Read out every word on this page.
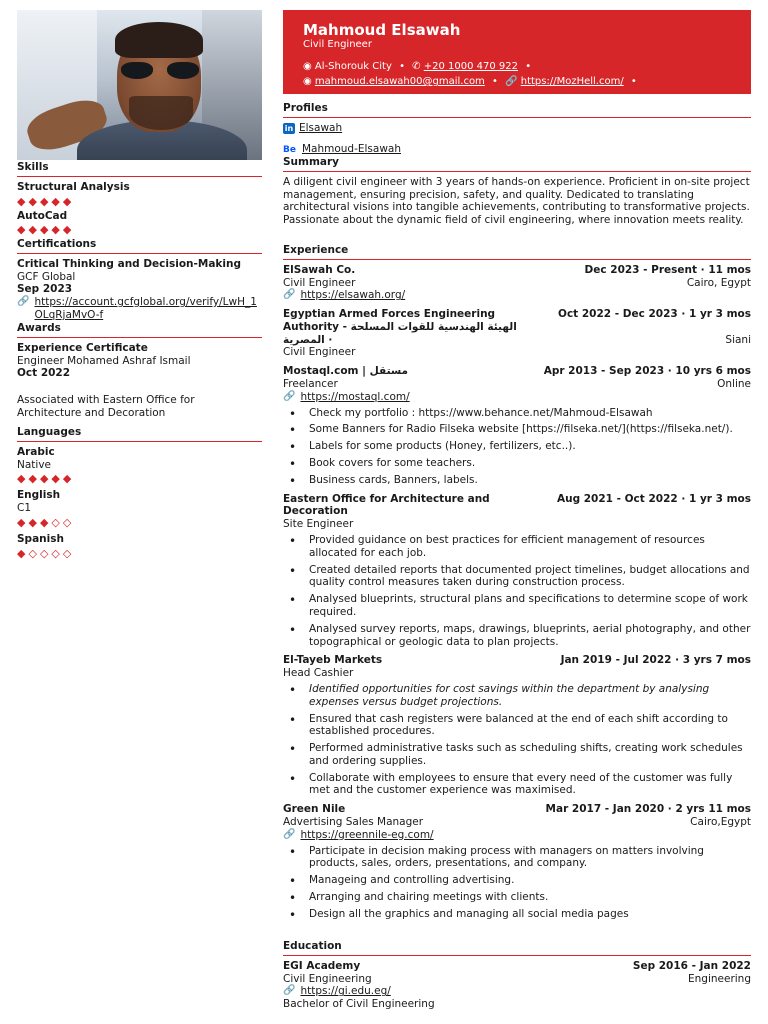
Skills
Structural Analysis
◆◆◆◆◆
AutoCad
◆◆◆◆◆
Certifications
Critical Thinking and Decision-Making
GCF Global
Sep 2023
🔗 https://account.gcfglobal.org/verify/LwH_1OLqRjaMvO-f
Awards
Experience Certificate
Engineer Mohamed Ashraf Ismail
Oct 2022
Associated with Eastern Office for Architecture and Decoration
Languages
Arabic
Native
◆◆◆◆◆
English
C1
◆◆◆◇◇
Spanish
◆◇◇◇◇
Mahmoud Elsawah
Civil Engineer
◉ Al-Shorouk City • ✆ +20 1000 470 922 •
◉ mahmoud.elsawah00@gmail.com • 🔗 https://MozHell.com/ •
Profiles
in Elsawah
Be Mahmoud-Elsawah
Summary
A diligent civil engineer with 3 years of hands-on experience. Proficient in on-site project management, ensuring precision, safety, and quality. Dedicated to translating architectural visions into tangible achievements, contributing to transformative projects. Passionate about the dynamic field of civil engineering, where innovation meets reality.
Experience
ElSawah Co.	Dec 2023 - Present · 11 mos
Civil Engineer	Cairo, Egypt
🔗 https://elsawah.org/
Egyptian Armed Forces Engineering Authority - الهيئة الهندسية للقوات المسلحة المصرية ·
Oct 2022 - Dec 2023 · 1 yr 3 mos
Siani
Civil Engineer
Mostaql.com | مستقل	Apr 2013 - Sep 2023 · 10 yrs 6 mos
Freelancer	Online
🔗 https://mostaql.com/
• Check my portfolio : https://www.behance.net/Mahmoud-Elsawah
• Some Banners for Radio Filseka website [https://filseka.net/](https://filseka.net/).
• Labels for some products (Honey, fertilizers, etc..).
• Book covers for some teachers.
• Business cards, Banners, labels.
Eastern Office for Architecture and Decoration
Aug 2021 - Oct 2022 · 1 yr 3 mos
Site Engineer
• Provided guidance on best practices for efficient management of resources allocated for each job.
• Created detailed reports that documented project timelines, budget allocations and quality control measures taken during construction process.
• Analysed blueprints, structural plans and specifications to determine scope of work required.
• Analysed survey reports, maps, drawings, blueprints, aerial photography, and other topographical or geologic data to plan projects.
El-Tayeb Markets	Jan 2019 - Jul 2022 · 3 yrs 7 mos
Head Cashier
• Identified opportunities for cost savings within the department by analysing expenses versus budget projections.
• Ensured that cash registers were balanced at the end of each shift according to established procedures.
• Performed administrative tasks such as scheduling shifts, creating work schedules and ordering supplies.
• Collaborate with employees to ensure that every need of the customer was fully met and the customer experience was maximised.
Green Nile	Mar 2017 - Jan 2020 · 2 yrs 11 mos
Advertising Sales Manager	Cairo,Egypt
🔗 https://greennile-eg.com/
• Participate in decision making process with managers on matters involving products, sales, orders, presentations, and company.
• Manageing and controlling advertising.
• Arranging and chairing meetings with clients.
• Design all the graphics and managing all social media pages
Education
EGI Academy	Sep 2016 - Jan 2022
Civil Engineering	Engineering
🔗 https://gi.edu.eg/
Bachelor of Civil Engineering
